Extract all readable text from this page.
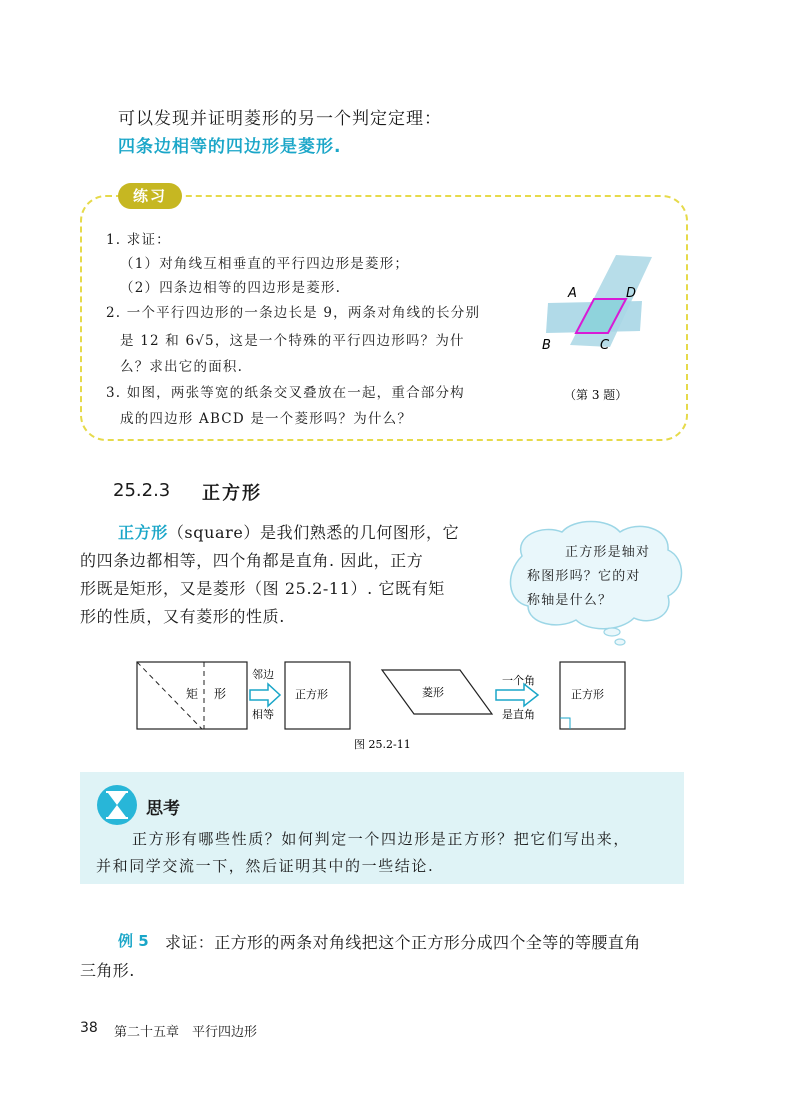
可以发现并证明菱形的另一个判定定理：
四条边相等的四边形是菱形.
练习
1. 求证：
（1）对角线互相垂直的平行四边形是菱形；
（2）四条边相等的四边形是菱形.
2. 一个平行四边形的一条边长是 9，两条对角线的长分别
是 12 和 6√5，这是一个特殊的平行四边形吗？为什
么？求出它的面积.
3. 如图，两张等宽的纸条交叉叠放在一起，重合部分构
成的四边形 ABCD 是一个菱形吗？为什么？
A	D
B	C
（第 3 题）
25.2.3 正方形
正方形（square）是我们熟悉的几何图形，它
的四条边都相等，四个角都是直角. 因此，正方
形既是矩形，又是菱形（图 25.2-11）. 它既有矩
形的性质，又有菱形的性质.
正方形是轴对
称图形吗？它的对
称轴是什么？
矩 形
邻边
相等
正方形	菱形
一个角
是直角
正方形
图 25.2-11
思考
正方形有哪些性质？如何判定一个四边形是正方形？把它们写出来，
并和同学交流一下，然后证明其中的一些结论.
例 5 求证：正方形的两条对角线把这个正方形分成四个全等的等腰直角
三角形.
38 第二十五章　平行四边形
